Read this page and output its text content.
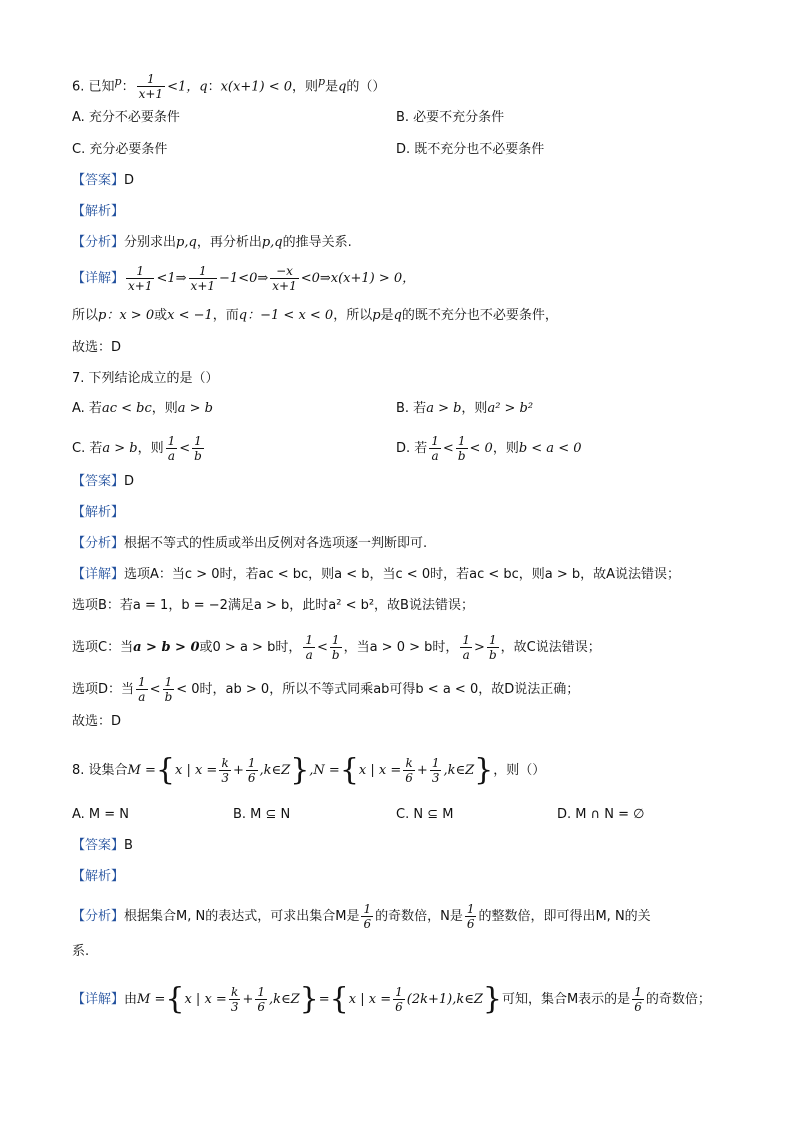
6. 已知$^p$： $\frac{1}{x+1} <1$，q：x(x+1) < 0，则$^p$是q的（）
A. 充分不必要条件	B. 必要不充分条件
C. 充分必要条件	D. 既不充分也不必要条件
【答案】D
【解析】
【分析】分别求出p,q，再分析出p,q的推导关系.
【详解】 $\frac{1}{x+1}$ <1⇒ $\frac{1}{x+1}$ −1<0⇒ $\frac{-x}{x+1}$ <0⇒x(x+1) > 0，
所以p：x > 0或x < −1，而q：−1 < x < 0，所以p是q的既不充分也不必要条件，
故选：D
7. 下列结论成立的是（）
A. 若ac < bc，则a > b	B. 若a > b，则a² > b²
C. 若a > b，则 $\frac{1}{a} < \frac{1}{b}$	D. 若 $\frac{1}{a} < \frac{1}{b} < 0$，则b < a < 0
【答案】D
【解析】
【分析】根据不等式的性质或举出反例对各选项逐一判断即可.
【详解】选项A：当c > 0时，若ac < bc，则a < b，当c < 0时，若ac < bc，则a > b，故A说法错误；
选项B：若a = 1，b = −2满足a > b，此时a² < b²，故B说法错误；
选项C：当a > b > 0或0 > a > b时， $\frac{1}{a} < \frac{1}{b}$ ，当a > 0 > b时， $\frac{1}{a} > \frac{1}{b}$ ，故C说法错误；
选项D：当 $\frac{1}{a} < \frac{1}{b} < 0$时，ab > 0，所以不等式同乘ab可得b < a < 0，故D说法正确；
故选：D
8. 设集合M ={x | $x = \frac{k}{3} + \frac{1}{6}$ ,k∈Z},N ={x | $x = \frac{k}{6} + \frac{1}{3}$ ,k∈Z}，则（）
A. M = N	B. M ⊆ N	C. N ⊆ M	D. M ∩ N = ∅
【答案】B
【解析】
【分析】根据集合M, N的表达式，可求出集合M是 $\frac{1}{6}$ 的奇数倍，N是 $\frac{1}{6}$ 的整数倍，即可得出M, N的关
系.
【详解】由M ={x | $x = \frac{k}{3} + \frac{1}{6}$ ,k∈Z}={x | $x = \frac{1}{6}$ (2k+1),k∈Z}可知，集合M表示的是 $\frac{1}{6}$ 的奇数倍；
